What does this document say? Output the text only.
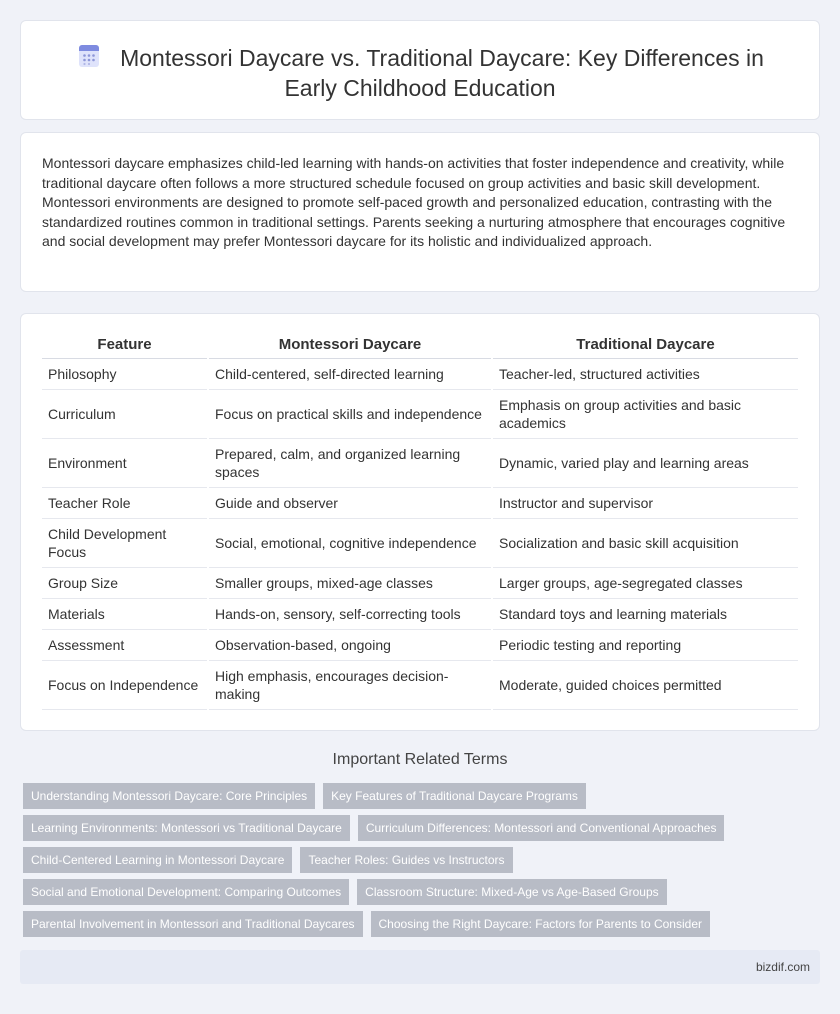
Montessori Daycare vs. Traditional Daycare: Key Differences in
Early Childhood Education

Montessori daycare emphasizes child-led learning with hands-on activities that foster independence and creativity, while traditional daycare often follows a more structured schedule focused on group activities and basic skill development. Montessori environments are designed to promote self-paced growth and personalized education, contrasting with the standardized routines common in traditional settings. Parents seeking a nurturing atmosphere that encourages cognitive and social development may prefer Montessori daycare for its holistic and individualized approach.

Feature	Montessori Daycare	Traditional Daycare
Philosophy	Child-centered, self-directed learning	Teacher-led, structured activities
Curriculum	Focus on practical skills and independence	Emphasis on group activities and basic academics
Environment	Prepared, calm, and organized learning spaces	Dynamic, varied play and learning areas
Teacher Role	Guide and observer	Instructor and supervisor
Child Development Focus	Social, emotional, cognitive independence	Socialization and basic skill acquisition
Group Size	Smaller groups, mixed-age classes	Larger groups, age-segregated classes
Materials	Hands-on, sensory, self-correcting tools	Standard toys and learning materials
Assessment	Observation-based, ongoing	Periodic testing and reporting
Focus on Independence	High emphasis, encourages decision-making	Moderate, guided choices permitted
Important Related Terms
Understanding Montessori Daycare: Core Principles	Key Features of Traditional Daycare Programs
Learning Environments: Montessori vs Traditional Daycare	Curriculum Differences: Montessori and Conventional Approaches
Child-Centered Learning in Montessori Daycare	Teacher Roles: Guides vs Instructors
Social and Emotional Development: Comparing Outcomes	Classroom Structure: Mixed-Age vs Age-Based Groups
Parental Involvement in Montessori and Traditional Daycares	Choosing the Right Daycare: Factors for Parents to Consider
bizdif.com
